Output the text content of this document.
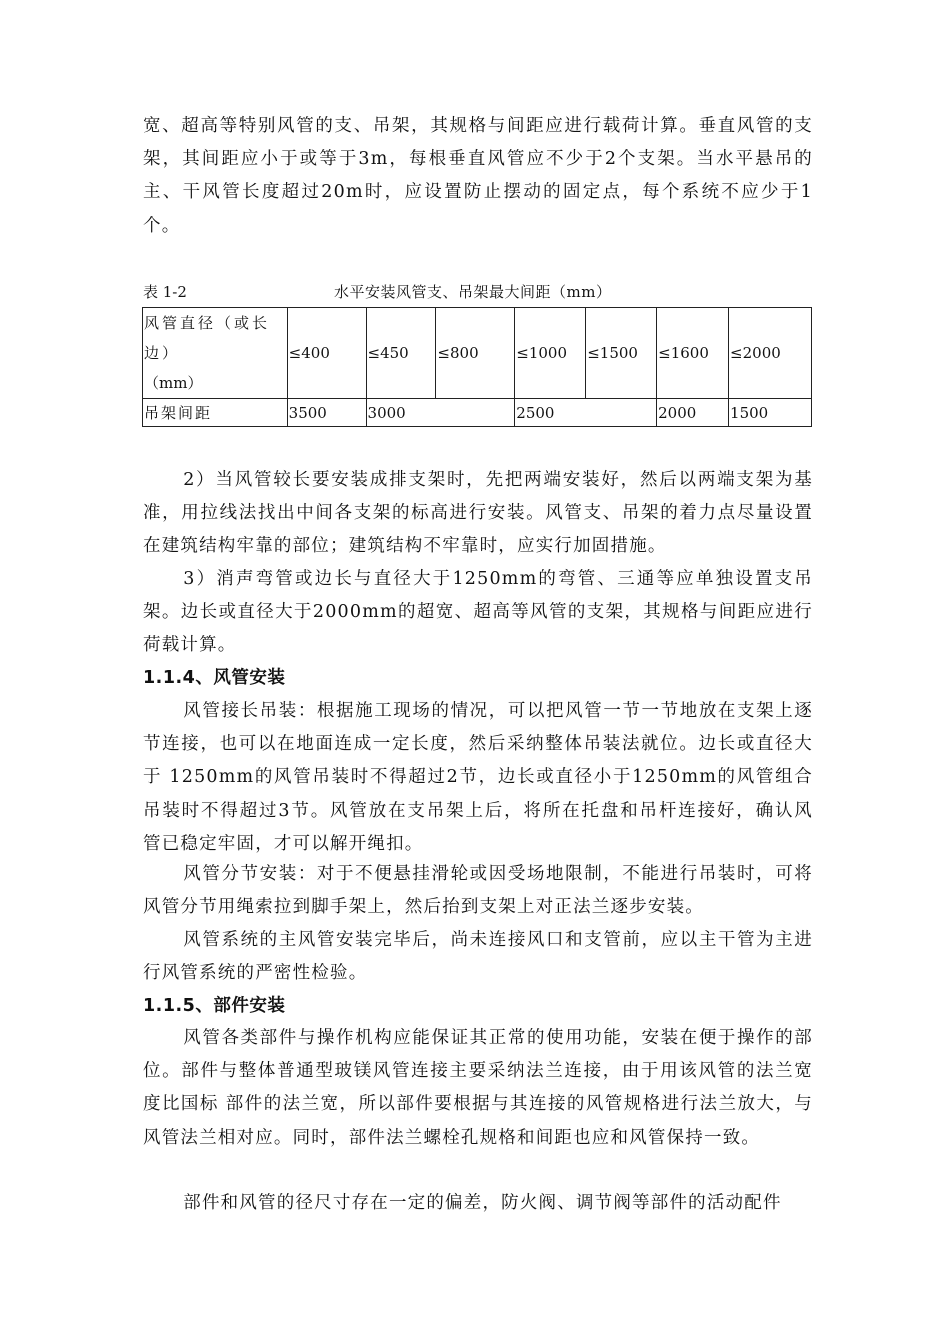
宽、超高等特别风管的支、吊架，其规格与间距应进行载荷计算。垂直风管的支 架，其间距应小于或等于3m，每根垂直风管应不少于2个支架。当水平悬吊的主、干风管长度超过20m时，应设置防止摆动的固定点，每个系统不应少于1个。

表 1-2	水平安装风管支、吊架最大间距（mm）
风管直径（或长
边）
（mm）	≤400	≤450	≤800	≤1000	≤1500	≤1600	≤2000
吊架间距	3500	3000		2500		2000	1500

2）当风管较长要安装成排支架时，先把两端安装好，然后以两端支架为基准，用拉线法找出中间各支架的标高进行安装。风管支、吊架的着力点尽量设置在建筑结构牢靠的部位；建筑结构不牢靠时，应实行加固措施。

3）消声弯管或边长与直径大于1250mm的弯管、三通等应单独设置支吊架。边长或直径大于2000mm的超宽、超高等风管的支架，其规格与间距应进行荷载计算。

1.1.4、风管安装

风管接长吊装：根据施工现场的情况，可以把风管一节一节地放在支架上逐节连接，也可以在地面连成一定长度，然后采纳整体吊装法就位。边长或直径大于 1250mm的风管吊装时不得超过2节，边长或直径小于1250mm的风管组合吊装时不得超过3节。风管放在支吊架上后，将所在托盘和吊杆连接好，确认风 管已稳定牢固，才可以解开绳扣。

风管分节安装：对于不便悬挂滑轮或因受场地限制，不能进行吊装时，可将风管分节用绳索拉到脚手架上，然后抬到支架上对正法兰逐步安装。

风管系统的主风管安装完毕后，尚未连接风口和支管前，应以主干管为主进行风管系统的严密性检验。

1.1.5、部件安装

风管各类部件与操作机构应能保证其正常的使用功能，安装在便于操作的部位。部件与整体普通型玻镁风管连接主要采纳法兰连接，由于用该风管的法兰宽度比国标 部件的法兰宽，所以部件要根据与其连接的风管规格进行法兰放大，与风管法兰相对应。同时，部件法兰螺栓孔规格和间距也应和风管保持一致。

部件和风管的径尺寸存在一定的偏差，防火阀、调节阀等部件的活动配件
